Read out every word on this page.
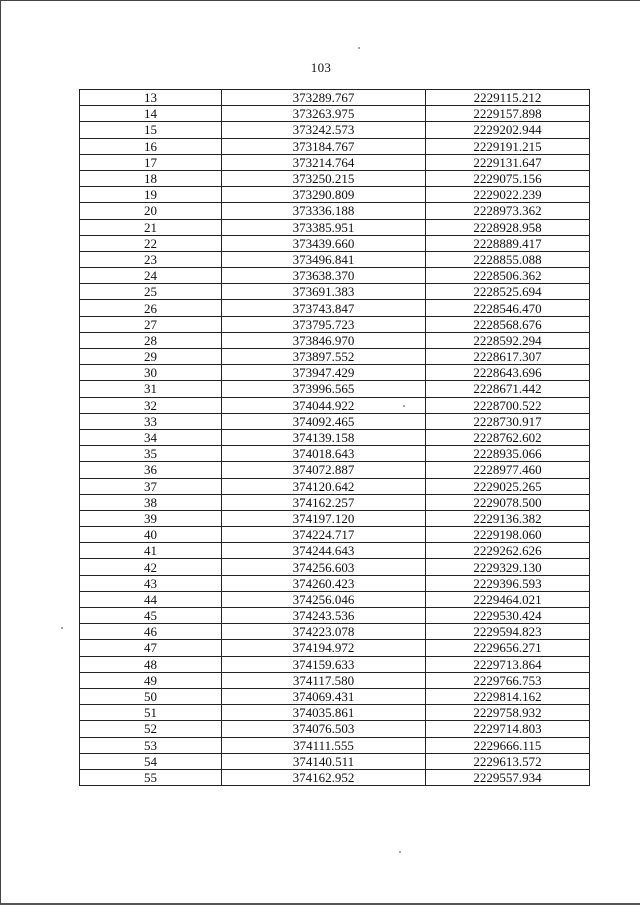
103
13	373289.767	2229115.212
14	373263.975	2229157.898
15	373242.573	2229202.944
16	373184.767	2229191.215
17	373214.764	2229131.647
18	373250.215	2229075.156
19	373290.809	2229022.239
20	373336.188	2228973.362
21	373385.951	2228928.958
22	373439.660	2228889.417
23	373496.841	2228855.088
24	373638.370	2228506.362
25	373691.383	2228525.694
26	373743.847	2228546.470
27	373795.723	2228568.676
28	373846.970	2228592.294
29	373897.552	2228617.307
30	373947.429	2228643.696
31	373996.565	2228671.442
32	374044.922	2228700.522
33	374092.465	2228730.917
34	374139.158	2228762.602
35	374018.643	2228935.066
36	374072.887	2228977.460
37	374120.642	2229025.265
38	374162.257	2229078.500
39	374197.120	2229136.382
40	374224.717	2229198.060
41	374244.643	2229262.626
42	374256.603	2229329.130
43	374260.423	2229396.593
44	374256.046	2229464.021
45	374243.536	2229530.424
46	374223.078	2229594.823
47	374194.972	2229656.271
48	374159.633	2229713.864
49	374117.580	2229766.753
50	374069.431	2229814.162
51	374035.861	2229758.932
52	374076.503	2229714.803
53	374111.555	2229666.115
54	374140.511	2229613.572
55	374162.952	2229557.934
